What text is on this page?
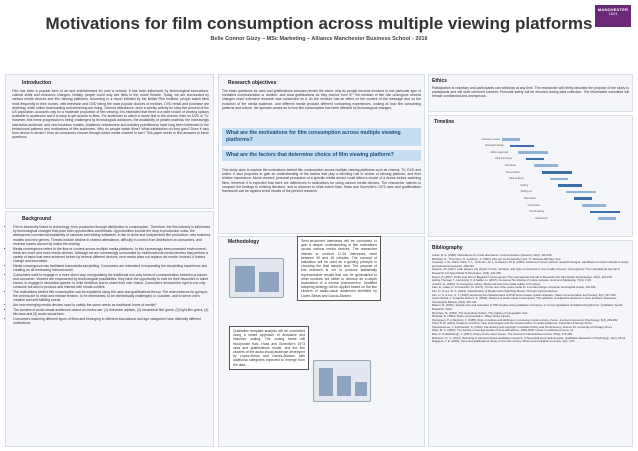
Motivations for film consumption across multiple viewing platforms
Belle Connor Gizzy – MSc Marketing – Alliance Manchester Business School - 2016
MANCHESTER
1824
Introduction
Film has been a popular form of art and entertainment for over a century. It has been influenced by technological innovations, cultural shifts and economic changes. Initially, people could only see films in the movie theatre. Today, we are surrounded by various media devices and film viewing platforms. According to a report initiated by the British Film Institute, people watch films most frequently in their homes, with television and DVD being the most popular choices of medium. DVD rental and purchase are declining, while online downloading and streaming are rising. Cinema attendance, once a weekly activity for sixty-five percent of the US population, accounts only for a moderate proportion of film viewing. It is estimated that there is a wide choice of viewing options available to audiences and it is easy to get access to films. For audiences to watch a movie first in the cinema, then on DVD or TV. However, this linear progression is being challenged by technological advances, the availability of pirated material, the increasingly interactive audience, and new business models. Academic researchers and industry practitioners have long been interested in the behavioural patterns and motivations of film audiences. Why do people watch films? What satisfaction do they gain? Does it vary from device to device? How do consumers choose through which media channel to see? This paper seeks to find answers to these questions.
Background
• Film is inherently linked to technology, from production through distribution to consumption. Therefore, the film industry is influenced by technological changes that pose both opportunities and threats. Opportunities include the drop in production costs, the widespread commercial availability of cameras and editing softwares, a rise in niche and independent film production, new business models and new genres. Threats include decline in cinema attendance, difficulty in control from distributors to consumers, and revenue losses caused by online file sharing.
• Media convergence refers to the flow of content across multiple media platforms. In this increasingly interconnected environment, there are more and more media devices. Although we are increasingly surrounded by multifunctional media devices that perform a variety of tasks that were achieved before by several different devices, new media does not replace old media. Instead, it fosters change and innovation.
• Media convergence has facilitated transmedia storytelling. Consumers are interested in expanding the storytelling experience and creating an all-embracing fictional world.
• Consumers want to engage in a more direct way, renegotiating the traditional one-way forms of communication between producer and consumer. Viewers are empowered by technological possibilities: they have the opportunity to vote for their favourites in talent shows, to engage in simulation games, to write fanfiction and to share their own videos. Consumers demand the right to not only consume but also to produce and interact with media content.
• The motivations behind film consumption can be explained using the uses and gratifications theory. The main reasons for going to the cinema are to relax and release tension, to be entertained, to be intellectually challenged, to socialize, and to serve one's creative and self-fulfilling needs.
• Are new emerging media devices used to satisfy the same needs as traditional forms of media?
• The clusters of audio-visual audiences based on media use: (1) television addicts, (2) occasional film goers, (3) light film goers, (4) film fans and (5) audio-visual fans.
• Consumers watching different types of films and belonging to different educational and age categories have distinctly different motivations.
Research objectives
The basic questions for uses and gratifications scholars remain the same: why do people become involved in one particular type of mediated communication or another, and what gratifications do they receive from it? The medium of film has undergone several changes since extensive research was conducted on it. As the medium has an effect on the content of the message and on the evolution of the media audience, and different media produce different consuming experiences, looking at how film consuming patterns and culture, the question arises as to how film consumption has been affected by technological changes.
What are the motivations for film consumption across multiple viewing platforms?
What are the factors that determine choice of film viewing platform?
This study aims to explore the motivations behind film consumption across multiple viewing platforms such as cinema, TV, DVD and online. It also proposes to gain an understanding of the factors that play a deciding role in choice of viewing platform, and their relative importance. Movie viewers' personal perception of a specific media device could affect a choice of a device before watching films, therefore it is expected that there are differences in motivations for using various media devices. The researcher intends to compare the findings to existing literature, and to discover to what extent Katz, Haas and Gurevitch's 1973 uses and gratifications framework can be applied to the results of the present research.
Methodology	Semi-structured interviews will be conducted to gain a deeper understanding of film motivations across various media devices. The researcher intends to conduct 12-16 interviews, each between 30 and 45 minutes. The concept of saturation will be used as a guiding principle in choosing the final sample size. The purpose of this research is not to produce statistically representative results that can be generalized to other contexts but rather to develop an in-depth exploration of a central phenomenon. Stratified sampling strategy will be applied based on the five clusters of audio-visual audiences identified by López-Sintas and García-Álvarez.
Qualitative template analysis will be conducted using a mixed approach of deductive and inductive coding. The coding frame will incorporate Katz, Haas and Gurevitch's 1973 uses and gratifications model, and the five clusters of the audio-visual audience developed by López-Sintas and García-Álvarez, with additional categories expected to emerge from the data.
Ethics
Participation is voluntary and participants can withdraw at any time. The researcher will briefly describe the purpose of the study to participants and will seek informed consent. Personal safety will be ensured during data collection. The information submitted will remain confidential and anonymous.
Timeline
Literature review
Research design
Ethics approval
Pilot interviews
Interviews
Transcription
Data analysis
Coding
Writing up
Discussion
Conclusion
Proofreading
Submission
Bibliography
Austin, B. A. (1986). Motivations for movie attendance. Communication Quarterly, 34(2), 115-126.
Bordwell, D., Thompson, K. & Ashton, J. (1997). Film art: An introduction (Vol. 7). McGraw-Hill New York.
Creswell, J. W., Plano Clark, V. L., Gutmann, M. L. & Hanson, W. E. (2003). Advanced mixed methods research designs. Handbook of mixed methods in social and behavioral research, 209-240.
Dawson, M. (2007). Little players, big shows: format, narration, and style on television's new smaller screens. Convergence: The International Journal of Research into New Media Technologies, 13(3), 231-250.
Dwyer, P. (2007). DVDs And Dirs or Bugsites? Convergence: The International Journal of Research into New Media Technologies, 13(2), 119-128.
Haring-Thomas, T., Hemming, V. & Sattler, H. (2007). Consumer file sharing of motion pictures. Journal of Marketing, 71(4), 1-18.
Jenkins, H. (2006). Convergence culture: Where old and new media collide. NYU press.
Katz, E., Haas, H. & Gurevitch, M. (1973). On the use of the mass media for important things. American sociological review, 164-181.
Kim, N. & Lee, B. G. (2013). Classification of Media Users Watching Movies Through Various Devices.
Kim, H. S. & Lee, S. T. (2003). Exploring the characteristics of DVD home theater system adopters. Mass Communication and Society, 6(3), 307-330.
López-Sintas, J. & García-Álvarez, E. (2006). Patterns of audio-visual consumption: The reflection of subjective divisions in class structure. European Sociological Review, 22(4), 397-411.
Mason, M. (2010). Sample size and saturation in PhD studies using qualitative interviews. In: Forum Qualitative Sozialforschung/Forum: Qualitative Social Research, 2010.
McLuhan, M. (1962). The Gutenberg Galaxy. The making of typographic man.
McQuail, D. (1994). Mass communication. Wiley Online Library.
Palmgreen, P. & Rayburn, J. (1985). Role of motives and attributes in consumer motion picture choice. Journal of economic Psychology, 6(3), 239-262.
Pantl, P. W. (2011). Audience evolution: New technologies and the transformation of media audiences. Columbia University Press.
Sherwood-Lee, Y. & Ertsander, K. (2010). File sharing and copyright. Innovation Policy and the Economy, Volume 10. University of Chicago Press.
Patel, M. C. (2002). The decline in average weekly cinema attendance, 1930-2000. Issues in political economy, 11.
Rao, R. & Washburgh, J. (2007). Piracy on the silver screen. The Journal of Industrial Economics, 55(3), 379-405.
Robinson, O. C. (2014). Sampling in interview-based qualitative research: A theoretical and practical guide. Qualitative Research in Psychology, 11(1), 25-41.
Ruggiero, T. E. (2000). Uses and gratifications theory in the 21st century. Mass communication & society, 3(1), 3-37.
